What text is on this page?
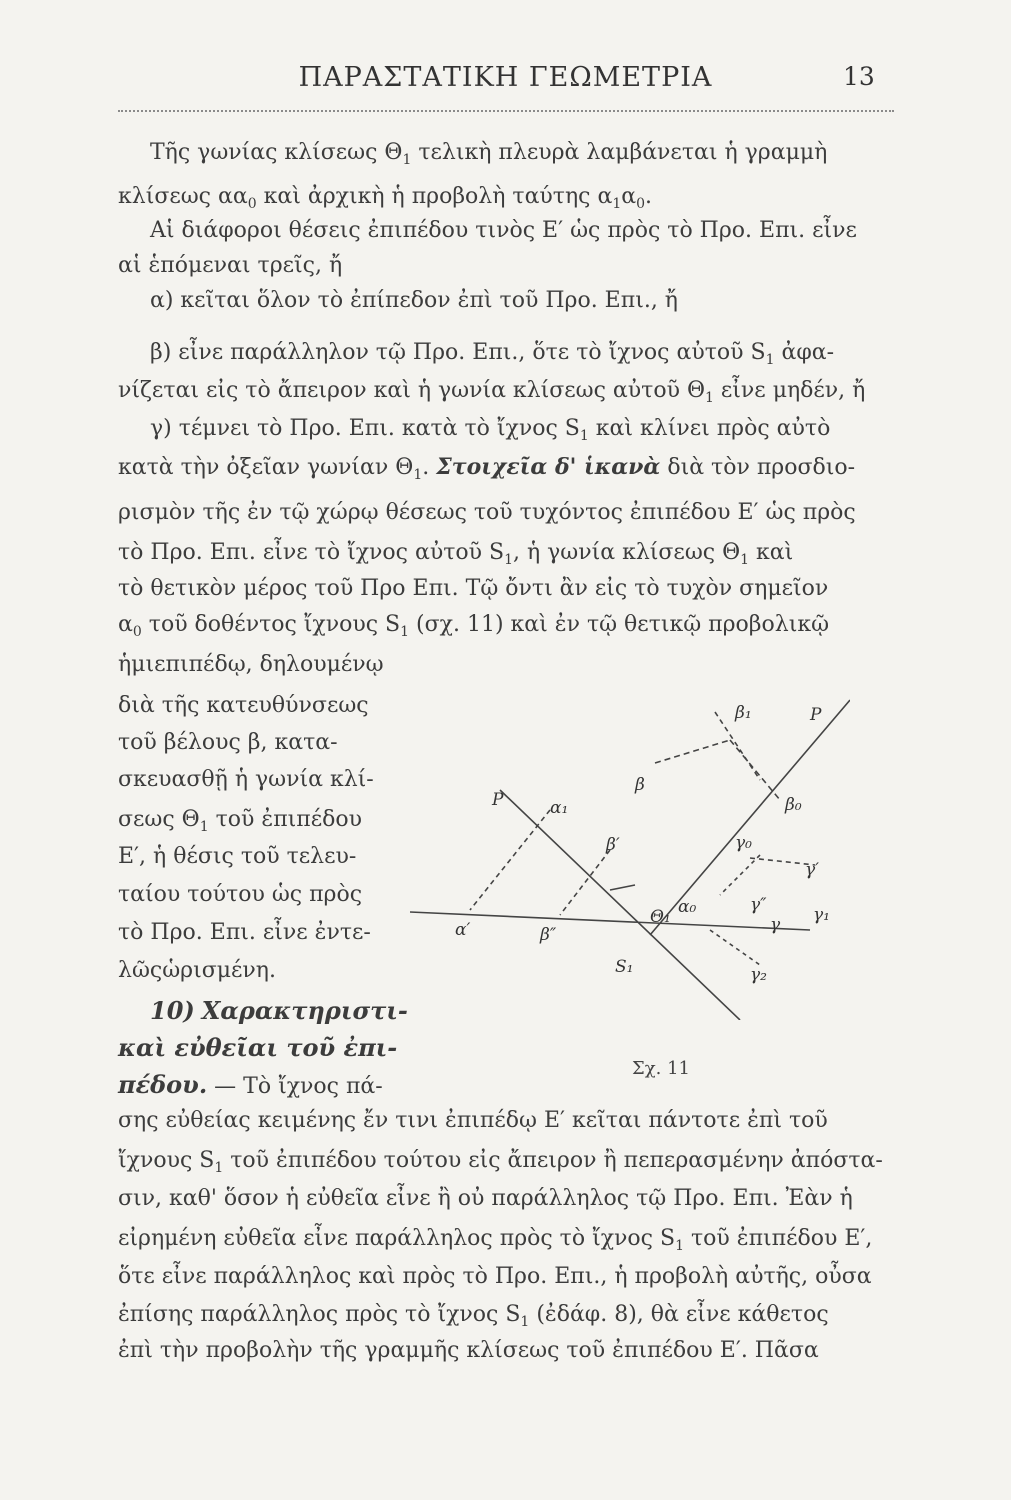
ΠΑΡΑΣΤΑΤΙΚΗ ΓΕΩΜΕΤΡΙΑ	13
Τῆς γωνίας κλίσεως $\Theta_1$ τελικὴ πλευρὰ λαμβάνεται ἡ γραμμὴ
κλίσεως $\alpha\alpha_0$ καὶ ἀρχικὴ ἡ προβολὴ ταύτης $\alpha_1\alpha_0$.
Αἱ διάφοροι θέσεις ἐπιπέδου τινὸς Ε′ ὡς πρὸς τὸ Προ. Επι. εἶνε
αἱ ἑπόμεναι τρεῖς, ἤ
α) κεῖται ὅλον τὸ ἐπίπεδον ἐπὶ τοῦ Προ. Επι., ἤ
β) εἶνε παράλληλον τῷ Προ. Επι., ὅτε τὸ ἴχνος αὐτοῦ $S_1$ ἀφα-
νίζεται εἰς τὸ ἄπειρον καὶ ἡ γωνία κλίσεως αὐτοῦ $\Theta_1$ εἶνε μηδέν, ἤ
γ) τέμνει τὸ Προ. Επι. κατὰ τὸ ἴχνος $S_1$ καὶ κλίνει πρὸς αὐτὸ
κατὰ τὴν ὀξεῖαν γωνίαν $\Theta_1$. Στοιχεῖα δ' ἱκανὰ διὰ τὸν προσδιο-
ρισμὸν τῆς ἐν τῷ χώρῳ θέσεως τοῦ τυχόντος ἐπιπέδου Ε′ ὡς πρὸς
τὸ Προ. Επι. εἶνε τὸ ἴχνος αὐτοῦ $S_1$, ἡ γωνία κλίσεως $\Theta_1$ καὶ
τὸ θετικὸν μέρος τοῦ Προ Επι. Τῷ ὄντι ἂν εἰς τὸ τυχὸν σημεῖον
$\alpha_0$ τοῦ δοθέντος ἴχνους $S_1$ (σχ. 11) καὶ ἐν τῷ θετικῷ προβολικῷ
ἡμιεπιπέδῳ, δηλουμένῳ
διὰ τῆς κατευθύνσεως
τοῦ βέλους β, κατα-
σκευασθῇ ἡ γωνία κλί-
σεως $\Theta_1$ τοῦ ἐπιπέδου
Ε′, ἡ θέσις τοῦ τελευ-
ταίου τούτου ὡς πρὸς
τὸ Προ. Επι. εἶνε ἐντε-
λῶςὡρισμένη.
10) Χαρακτηριστι-
καὶ εὐθεῖαι τοῦ ἐπι-
πέδου. — Τὸ ἴχνος πά-
σης εὐθείας κειμένης ἔν τινι ἐπιπέδῳ Ε′ κεῖται πάντοτε ἐπὶ τοῦ
ἴχνους $S_1$ τοῦ ἐπιπέδου τούτου εἰς ἄπειρον ἢ πεπερασμένην ἀπόστα-
σιν, καθ' ὅσον ἡ εὐθεῖα εἶνε ἢ οὐ παράλληλος τῷ Προ. Επι. Ἐὰν ἡ
εἰρημένη εὐθεῖα εἶνε παράλληλος πρὸς τὸ ἴχνος $S_1$ τοῦ ἐπιπέδου Ε′,
ὅτε εἶνε παράλληλος καὶ πρὸς τὸ Προ. Επι., ἡ προβολὴ αὐτῆς, οὖσα
ἐπίσης παράλληλος πρὸς τὸ ἴχνος $S_1$ (ἐδάφ. 8), θὰ εἶνε κάθετος
ἐπὶ τὴν προβολὴν τῆς γραμμῆς κλίσεως τοῦ ἐπιπέδου Ε′. Πᾶσα
P	α₁
β′
β″
α′
Θ₁ α₀
β₁
β
β₀
P
γ₀
γ′
γ″
γ γ₁
γ₂
S₁
Σχ. 11
